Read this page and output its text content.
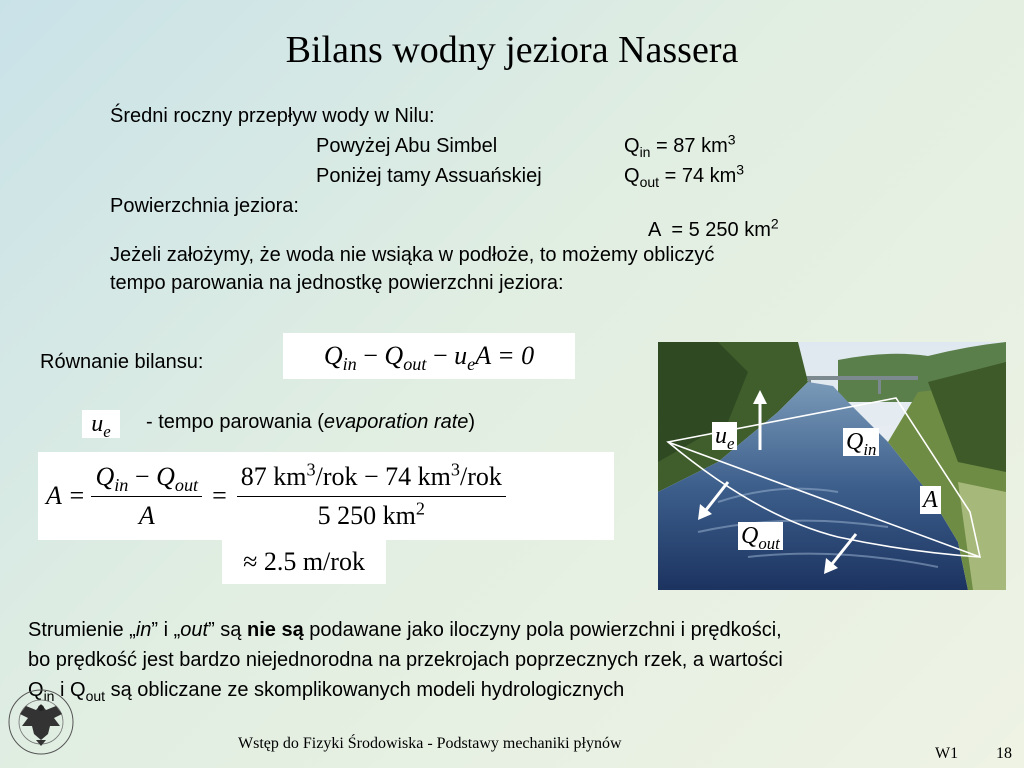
Bilans wodny jeziora Nassera
Średni roczny przepływ wody w Nilu:
Powyżej Abu Simbel	$Q_{in} = 87$ $km^3$
Poniżej tamy Assuańskiej	$Q_{out} = 74$ $km^3$
Powierzchnia jeziora:

A  = 5 250 $km^2$

Jeżeli założymy, że woda nie wsiąka w podłoże, to możemy obliczyć
tempo parowania na jednostkę powierzchni jeziora:
Równanie bilansu:	$Q_{in} - Q_{out} - u_eA = 0$
$u_e$	- tempo parowania (evaporation rate)
$A = \frac{Q_{in} - Q_{out}}{A} = \frac{87 km^3/rok - 74 km^3/rok}{5 250 km^2}$
≈ 2.5 m/rok
$u_e$	$Q_{in}$
A
$Q_{out}$
Strumienie „in” i „out” są nie są podawane jako iloczyny pola powierzchni i prędkości,
bo prędkość jest bardzo niejednorodna na przekrojach poprzecznych rzek, a wartości
$Q_{in}$ i $Q_{out}$ są obliczane ze skomplikowanych modeli hydrologicznych
Wstęp do Fizyki Środowiska - Podstawy mechaniki płynów
W1 18
